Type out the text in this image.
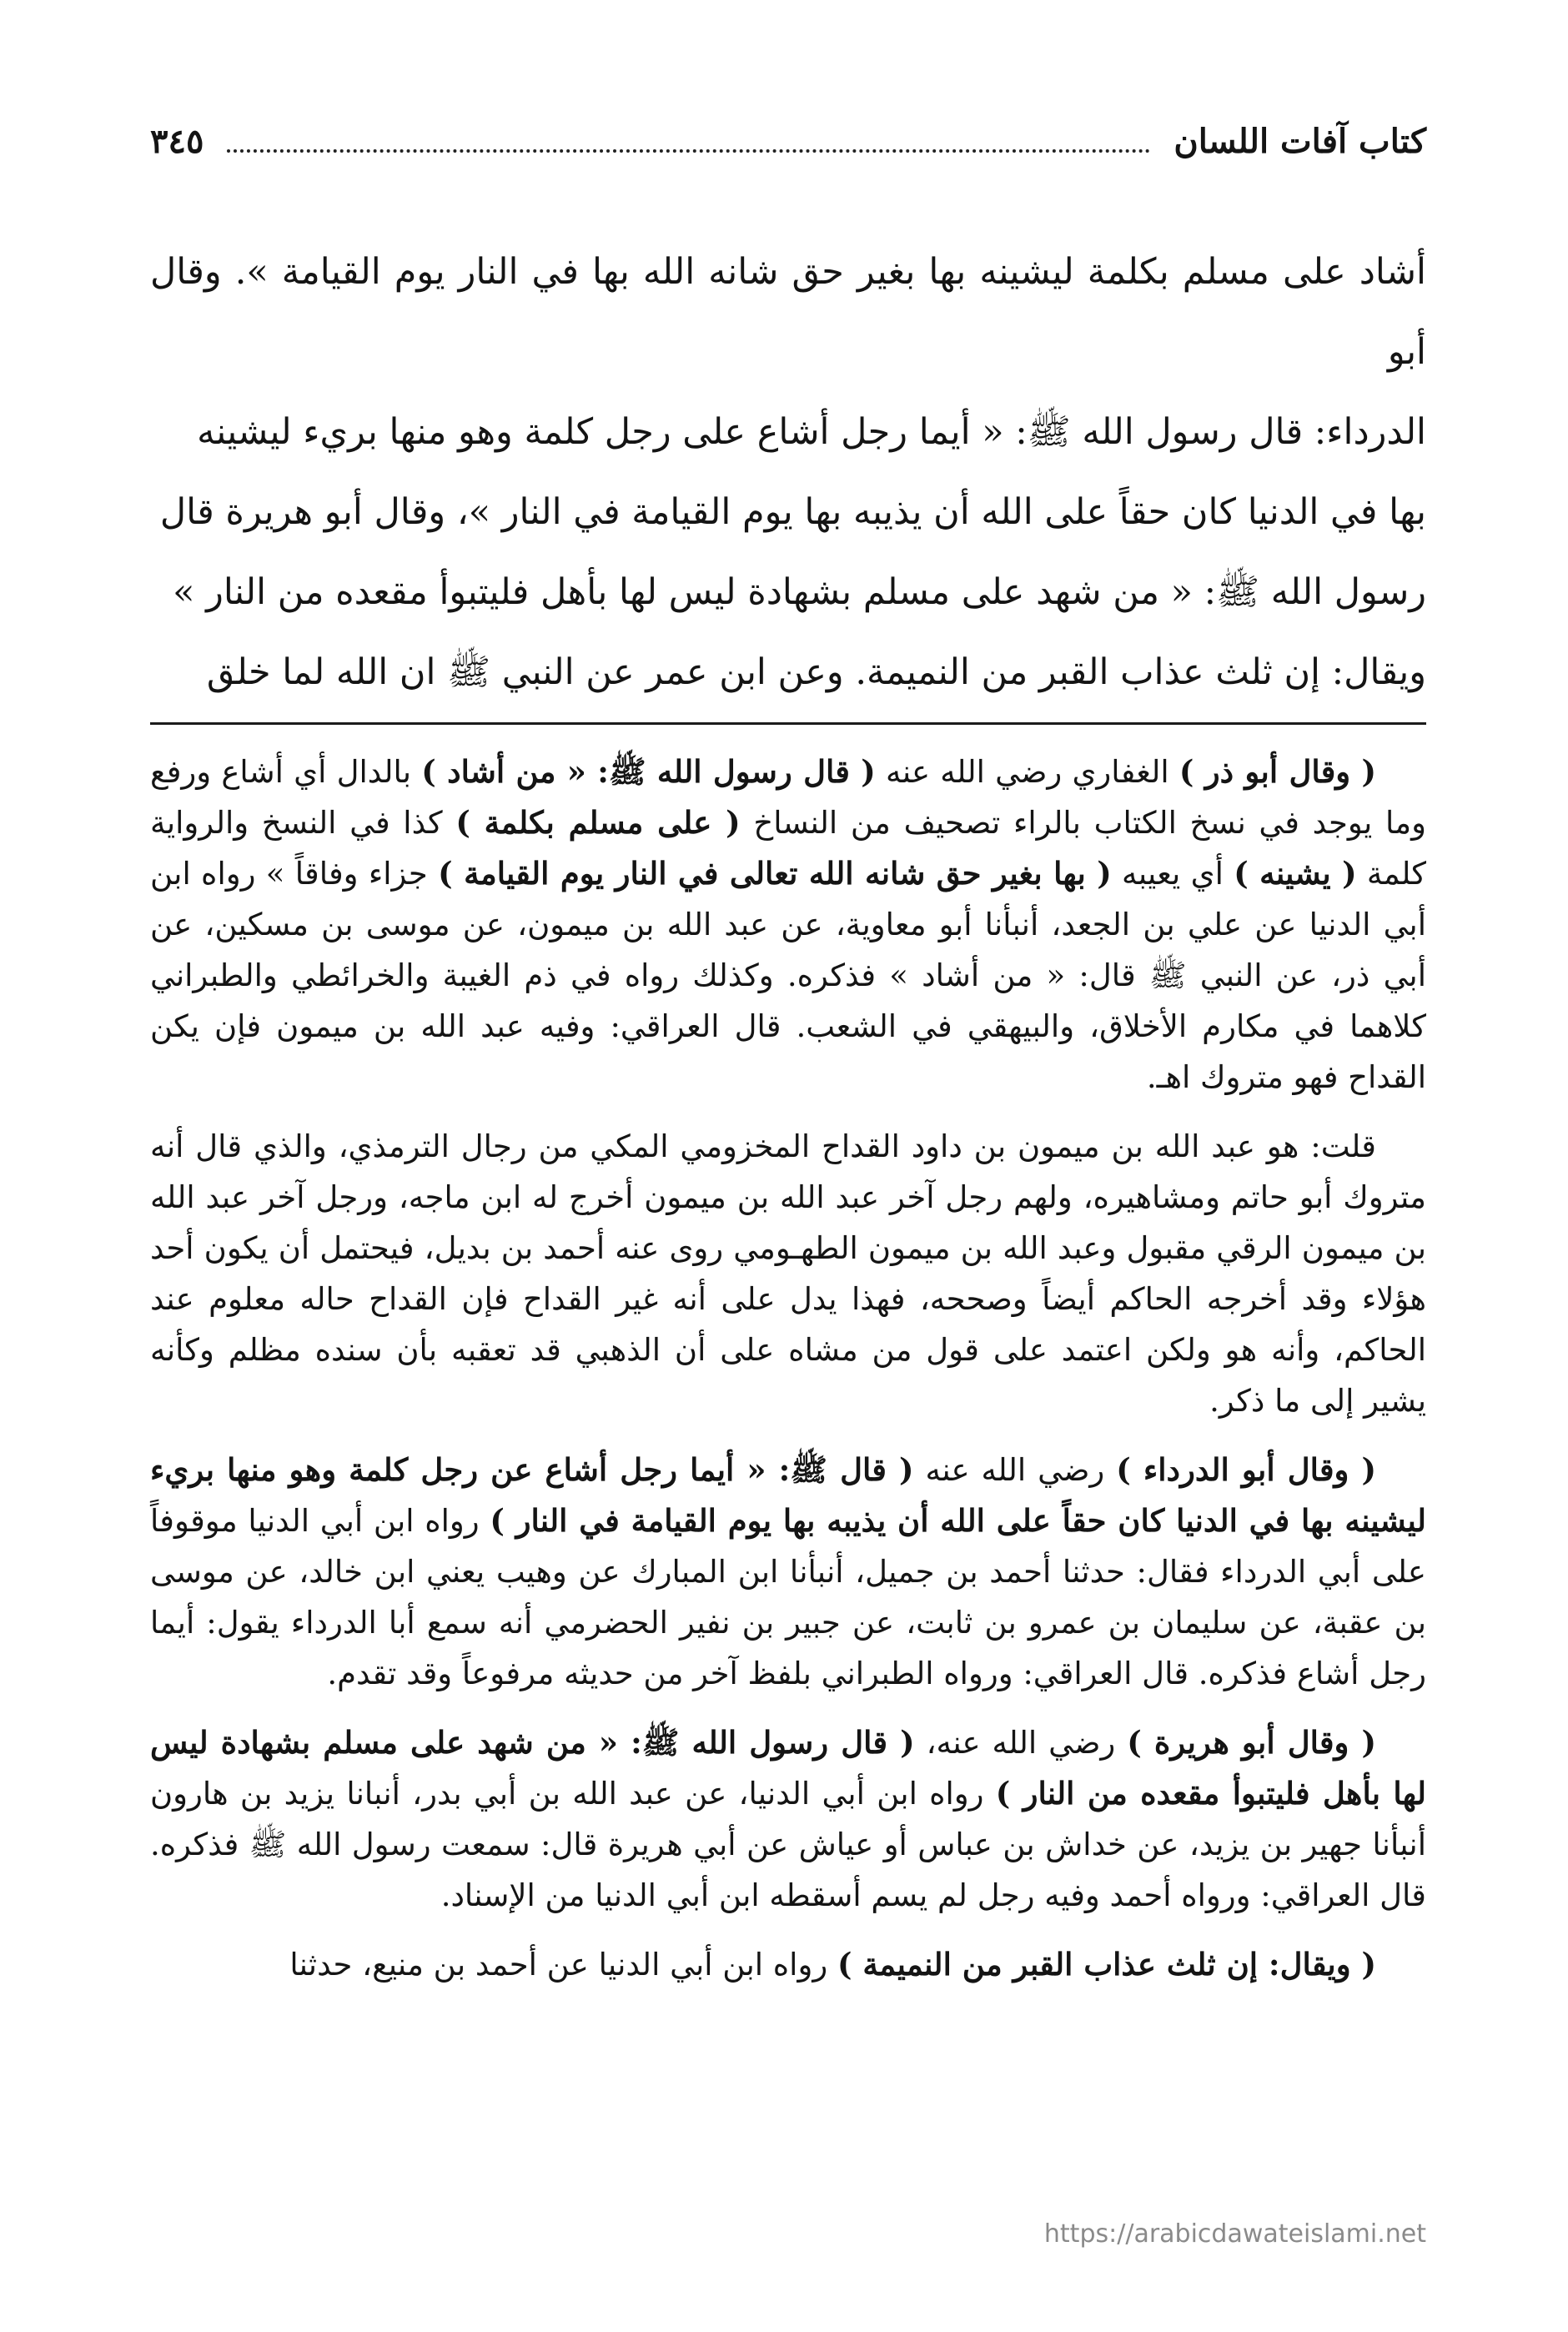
كتاب آفات اللسان
٣٤٥

أشاد على مسلم بكلمة ليشينه بها بغير حق شانه الله بها في النار يوم القيامة ». وقال أبو

الدرداء: قال رسول الله ﷺ: « أيما رجل أشاع على رجل كلمة وهو منها بريء ليشينه

بها في الدنيا كان حقاً على الله أن يذيبه بها يوم القيامة في النار »، وقال أبو هريرة قال

رسول الله ﷺ: « من شهد على مسلم بشهادة ليس لها بأهل فليتبوأ مقعده من النار »

ويقال: إن ثلث عذاب القبر من النميمة. وعن ابن عمر عن النبي ﷺ ان الله لما خلق

( وقال أبو ذر ) الغفاري رضي الله عنه ( قال رسول الله ﷺ: « من أشاد ) بالدال أي أشاع ورفع وما يوجد في نسخ الكتاب بالراء تصحيف من النساخ ( على مسلم بكلمة ) كذا في النسخ والرواية كلمة ( يشينه ) أي يعيبه ( بها بغير حق شانه الله تعالى في النار يوم القيامة ) جزاء وفاقاً » رواه ابن أبي الدنيا عن علي بن الجعد، أنبأنا أبو معاوية، عن عبد الله بن ميمون، عن موسى بن مسكين، عن أبي ذر، عن النبي ﷺ قال: « من أشاد » فذكره. وكذلك رواه في ذم الغيبة والخرائطي والطبراني كلاهما في مكارم الأخلاق، والبيهقي في الشعب. قال العراقي: وفيه عبد الله بن ميمون فإن يكن القداح فهو متروك اهـ.

قلت: هو عبد الله بن ميمون بن داود القداح المخزومي المكي من رجال الترمذي، والذي قال أنه متروك أبو حاتم ومشاهيره، ولهم رجل آخر عبد الله بن ميمون أخرج له ابن ماجه، ورجل آخر عبد الله بن ميمون الرقي مقبول وعبد الله بن ميمون الطهـومي روى عنه أحمد بن بديل، فيحتمل أن يكون أحد هؤلاء وقد أخرجه الحاكم أيضاً وصححه، فهذا يدل على أنه غير القداح فإن القداح حاله معلوم عند الحاكم، وأنه هو ولكن اعتمد على قول من مشاه على أن الذهبي قد تعقبه بأن سنده مظلم وكأنه يشير إلى ما ذكر.

( وقال أبو الدرداء ) رضي الله عنه ( قال ﷺ: « أيما رجل أشاع عن رجل كلمة وهو منها بريء ليشينه بها في الدنيا كان حقاً على الله أن يذيبه بها يوم القيامة في النار ) رواه ابن أبي الدنيا موقوفاً على أبي الدرداء فقال: حدثنا أحمد بن جميل، أنبأنا ابن المبارك عن وهيب يعني ابن خالد، عن موسى بن عقبة، عن سليمان بن عمرو بن ثابت، عن جبير بن نفير الحضرمي أنه سمع أبا الدرداء يقول: أيما رجل أشاع فذكره. قال العراقي: ورواه الطبراني بلفظ آخر من حديثه مرفوعاً وقد تقدم.

( وقال أبو هريرة ) رضي الله عنه، ( قال رسول الله ﷺ: « من شهد على مسلم بشهادة ليس لها بأهل فليتبوأ مقعده من النار ) رواه ابن أبي الدنيا، عن عبد الله بن أبي بدر، أنبانا يزيد بن هارون أنبأنا جهير بن يزيد، عن خداش بن عباس أو عياش عن أبي هريرة قال: سمعت رسول الله ﷺ فذكره. قال العراقي: ورواه أحمد وفيه رجل لم يسم أسقطه ابن أبي الدنيا من الإسناد.

( ويقال: إن ثلث عذاب القبر من النميمة ) رواه ابن أبي الدنيا عن أحمد بن منيع، حدثنا

https://arabicdawateislami.net
